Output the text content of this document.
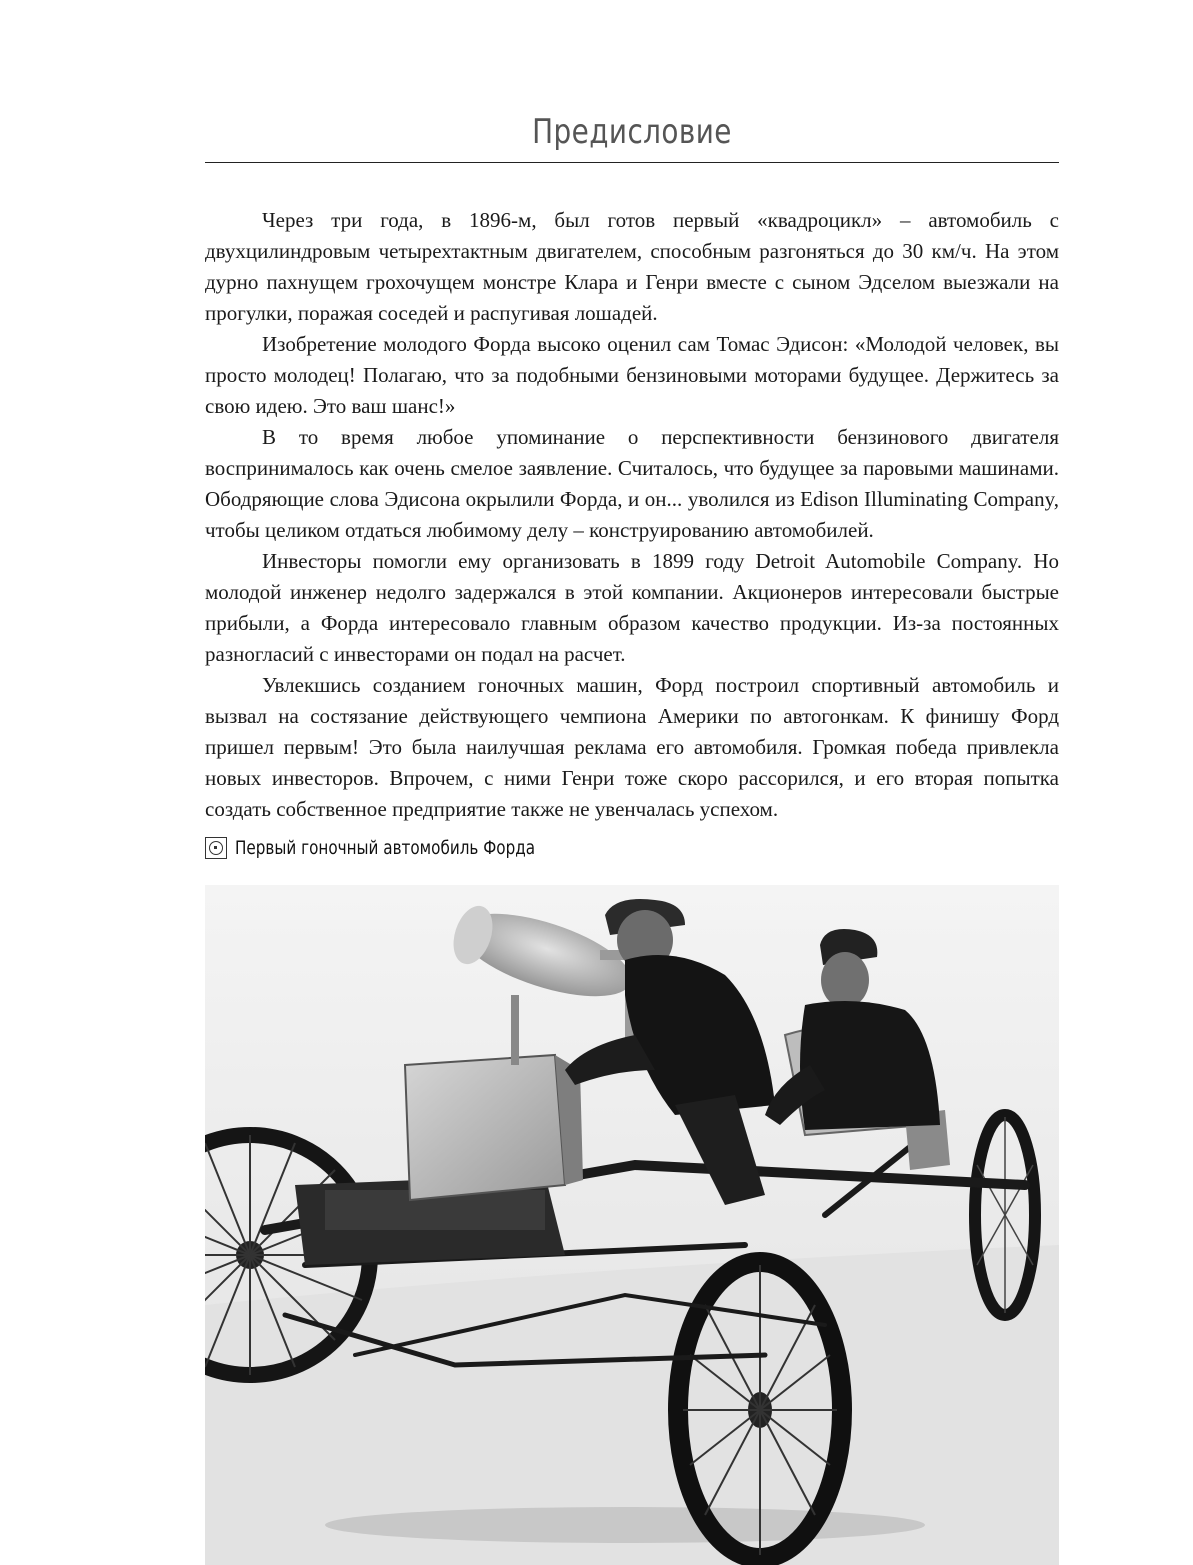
Предисловие

Через три года, в 1896-м, был готов первый «квадроцикл» – автомобиль с двухцилиндровым четырехтактным двигателем, способным разгоняться до 30 км/ч. На этом дурно пахнущем грохочущем монстре Клара и Генри вместе с сыном Эдселом выезжали на прогулки, поражая соседей и распугивая лошадей.

Изобретение молодого Форда высоко оценил сам Томас Эдисон: «Молодой человек, вы просто молодец! Полагаю, что за подобными бензиновыми моторами будущее. Держитесь за свою идею. Это ваш шанс!»

В то время любое упоминание о перспективности бензинового двигателя воспринималось как очень смелое заявление. Считалось, что будущее за паровыми машинами. Ободряющие слова Эдисона окрылили Форда, и он... уволился из Edison Illuminating Company, чтобы целиком отдаться любимому делу – конструированию автомобилей.

Инвесторы помогли ему организовать в 1899 году Detroit Automobile Company. Но молодой инженер недолго задержался в этой компании. Акционеров интересовали быстрые прибыли, а Форда интересовало главным образом качество продукции. Из-за постоянных разногласий с инвесторами он подал на расчет.

Увлекшись созданием гоночных машин, Форд построил спортивный автомобиль и вызвал на состязание действующего чемпиона Америки по автогонкам. К финишу Форд пришел первым! Это была наилучшая реклама его автомобиля. Громкая победа привлекла новых инвесторов. Впрочем, с ними Генри тоже скоро рассорился, и его вторая попытка создать собственное предприятие также не увенчалась успехом.

Первый гоночный автомобиль Форда
